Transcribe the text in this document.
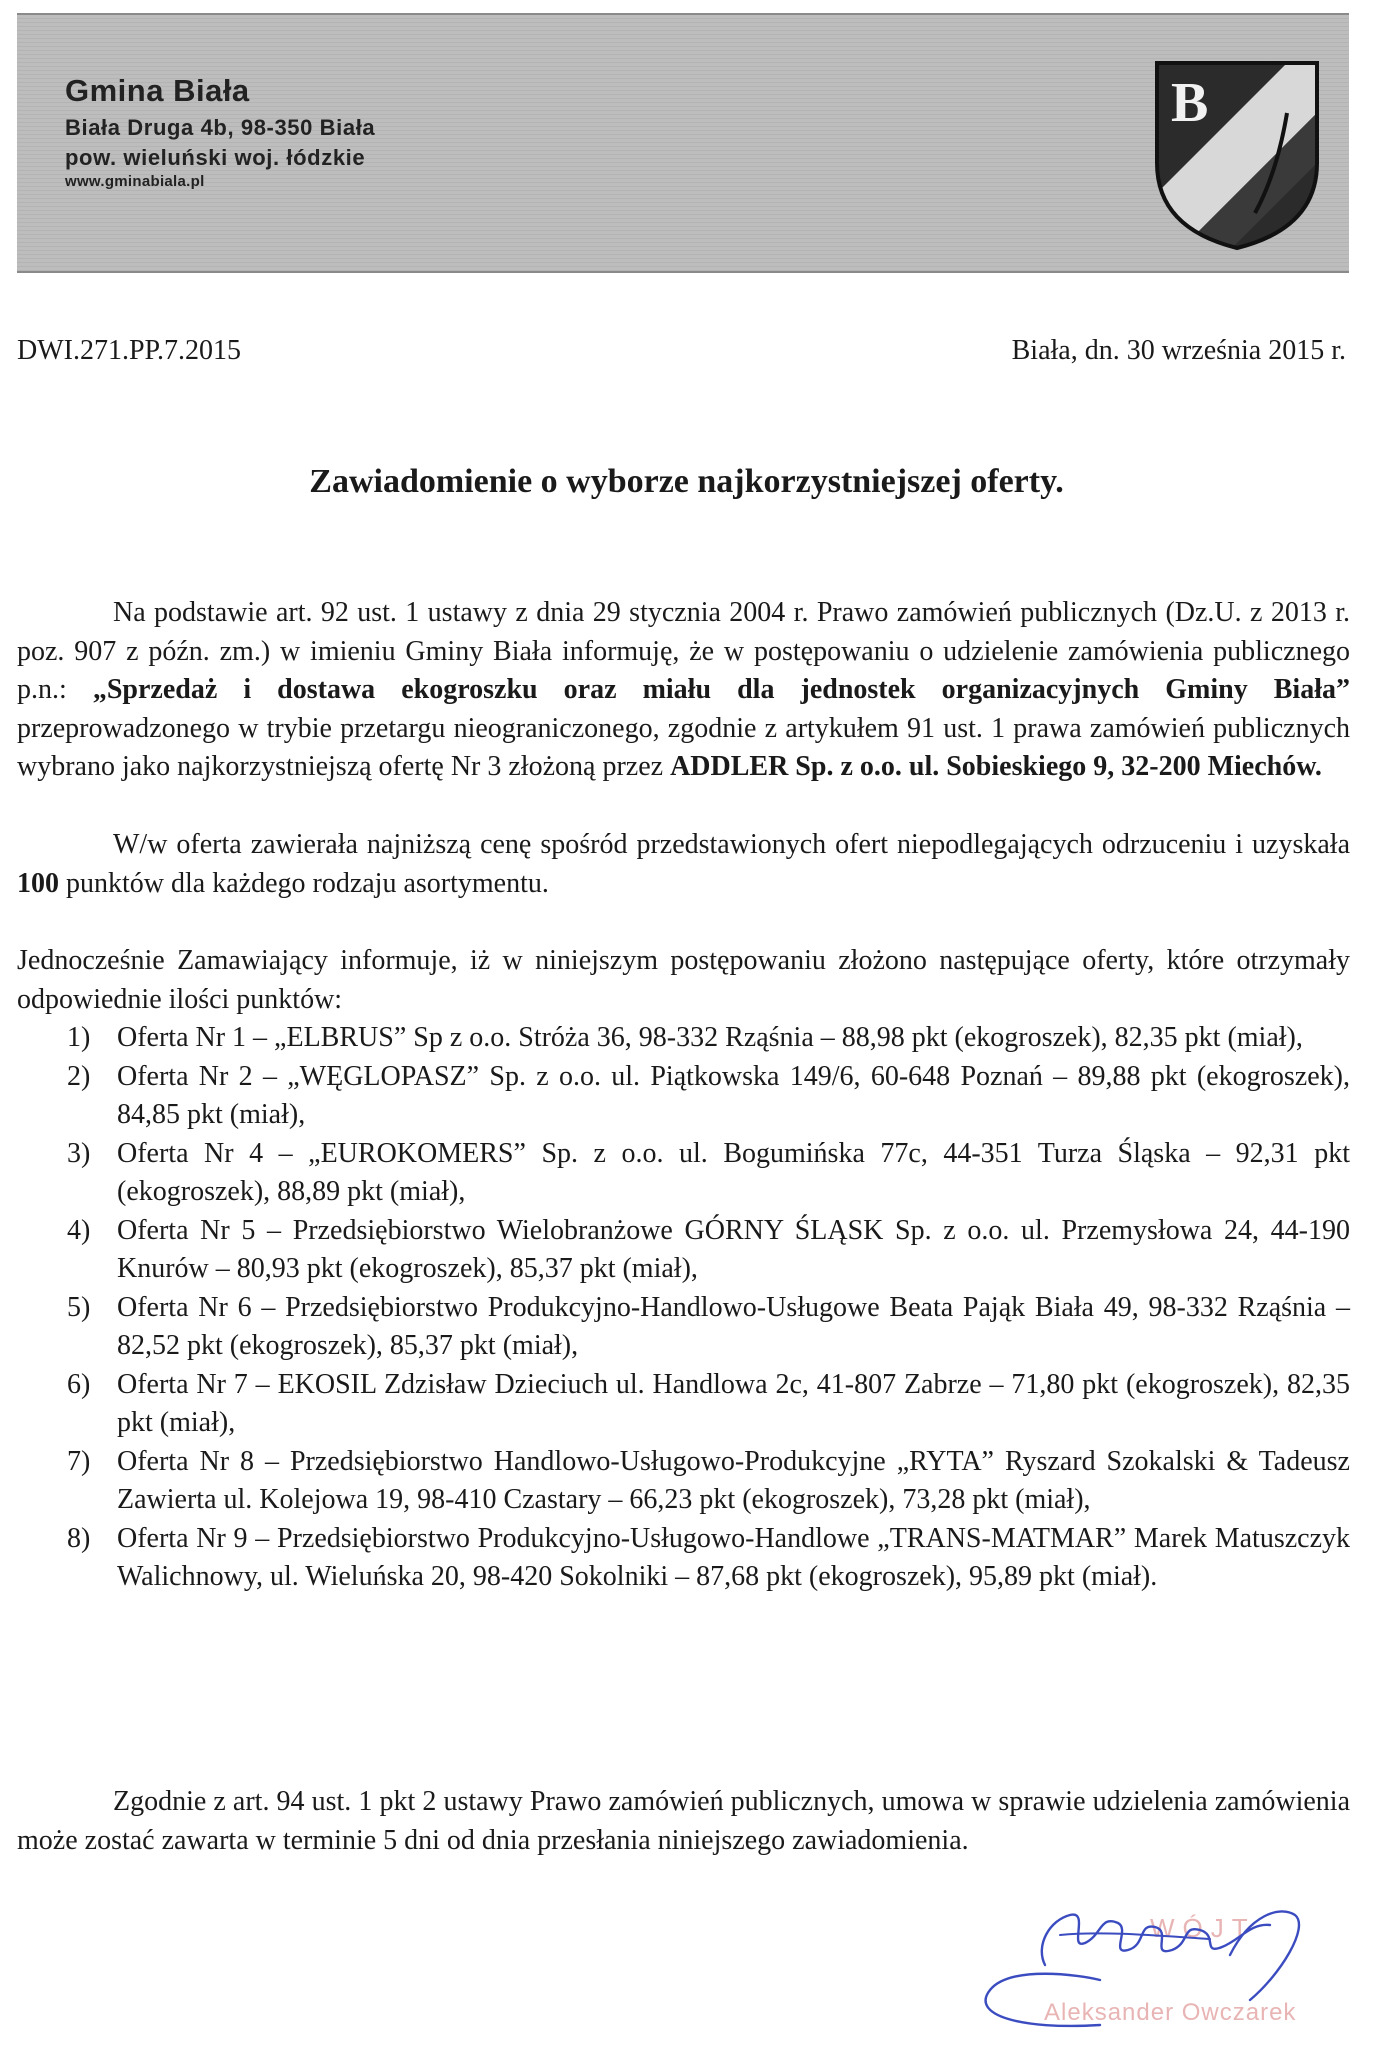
Gmina Biała
Biała Druga 4b, 98-350 Biała
pow. wieluński woj. łódzkie
www.gminabiala.pl
B
DWI.271.PP.7.2015	Biała, dn. 30 września 2015 r.
Zawiadomienie o wyborze najkorzystniejszej oferty.
Na podstawie art. 92 ust. 1 ustawy z dnia 29 stycznia 2004 r. Prawo zamówień publicznych (Dz.U. z 2013 r. poz. 907 z późn. zm.) w imieniu Gminy Biała informuję, że w postępowaniu o udzielenie zamówienia publicznego p.n.: „Sprzedaż i dostawa ekogroszku oraz miału dla jednostek organizacyjnych Gminy Biała” przeprowadzonego w trybie przetargu nieograniczonego, zgodnie z artykułem 91 ust. 1 prawa zamówień publicznych wybrano jako najkorzystniejszą ofertę Nr 3 złożoną przez ADDLER Sp. z o.o. ul. Sobieskiego 9, 32-200 Miechów.
W/w oferta zawierała najniższą cenę spośród przedstawionych ofert niepodlegających odrzuceniu i uzyskała 100 punktów dla każdego rodzaju asortymentu.
Jednocześnie Zamawiający informuje, iż w niniejszym postępowaniu złożono następujące oferty, które otrzymały odpowiednie ilości punktów:
1) Oferta Nr 1 – „ELBRUS” Sp z o.o. Stróża 36, 98-332 Rząśnia – 88,98 pkt (ekogroszek), 82,35 pkt (miał),
2) Oferta Nr 2 – „WĘGLOPASZ” Sp. z o.o. ul. Piątkowska 149/6, 60-648 Poznań – 89,88 pkt (ekogroszek), 84,85 pkt (miał),
3) Oferta Nr 4 – „EUROKOMERS” Sp. z o.o. ul. Bogumińska 77c, 44-351 Turza Śląska – 92,31 pkt (ekogroszek), 88,89 pkt (miał),
4) Oferta Nr 5 – Przedsiębiorstwo Wielobranżowe GÓRNY ŚLĄSK Sp. z o.o. ul. Przemysłowa 24, 44-190 Knurów – 80,93 pkt (ekogroszek), 85,37 pkt (miał),
5) Oferta Nr 6 – Przedsiębiorstwo Produkcyjno-Handlowo-Usługowe Beata Pająk Biała 49, 98-332 Rząśnia – 82,52 pkt (ekogroszek), 85,37 pkt (miał),
6) Oferta Nr 7 – EKOSIL Zdzisław Dzieciuch ul. Handlowa 2c, 41-807 Zabrze – 71,80 pkt (ekogroszek), 82,35 pkt (miał),
7) Oferta Nr 8 – Przedsiębiorstwo Handlowo-Usługowo-Produkcyjne „RYTA” Ryszard Szokalski & Tadeusz Zawierta ul. Kolejowa 19, 98-410 Czastary – 66,23 pkt (ekogroszek), 73,28 pkt (miał),
8) Oferta Nr 9 – Przedsiębiorstwo Produkcyjno-Usługowo-Handlowe „TRANS-MATMAR” Marek Matuszczyk Walichnowy, ul. Wieluńska 20, 98-420 Sokolniki – 87,68 pkt (ekogroszek), 95,89 pkt (miał).
Zgodnie z art. 94 ust. 1 pkt 2 ustawy Prawo zamówień publicznych, umowa w sprawie udzielenia zamówienia może zostać zawarta w terminie 5 dni od dnia przesłania niniejszego zawiadomienia.
WÓJT
Aleksander Owczarek
